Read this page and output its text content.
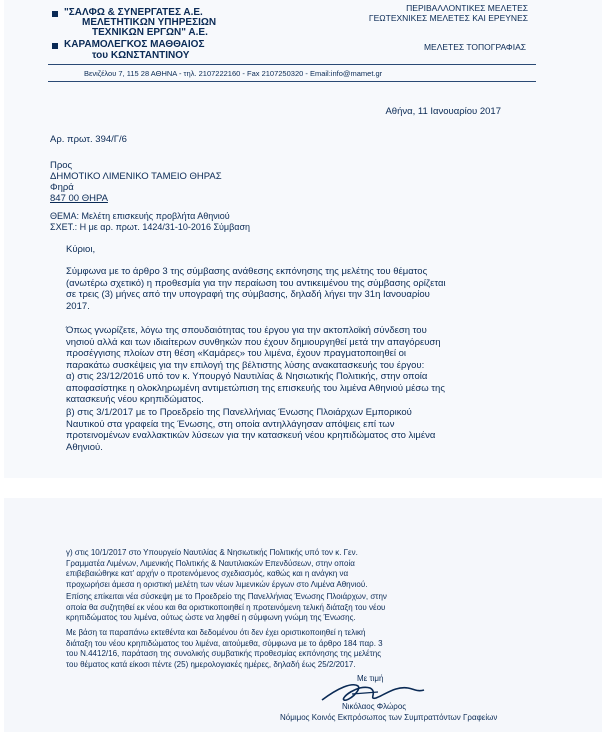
"ΣΑΛΦΩ & ΣΥΝΕΡΓΑΤΕΣ Α.Ε.
ΜΕΛΕΤΗΤΙΚΩΝ ΥΠΗΡΕΣΙΩΝ
ΤΕΧΝΙΚΩΝ ΕΡΓΩΝ" Α.Ε.
ΚΑΡΑΜΟΛΕΓΚΟΣ ΜΑΘΘΑΙΟΣ
του ΚΩΝΣΤΑΝΤΙΝΟΥ
ΠΕΡΙΒΑΛΛΟΝΤΙΚΕΣ ΜΕΛΕΤΕΣ
ΓΕΩΤΕΧΝΙΚΕΣ ΜΕΛΕΤΕΣ ΚΑΙ ΕΡΕΥΝΕΣ
ΜΕΛΕΤΕΣ ΤΟΠΟΓΡΑΦΙΑΣ
Βενιζέλου 7, 115 28 ΑΘΗΝΑ - τηλ. 2107222160 - Fax 2107250320 - Email:info@mamet.gr
Αθήνα, 11 Ιανουαρίου 2017
Αρ. πρωτ. 394/Γ/6
Προς
ΔΗΜΟΤΙΚΟ ΛΙΜΕΝΙΚΟ ΤΑΜΕΙΟ ΘΗΡΑΣ
Φηρά
847 00 ΘΗΡΑ
ΘΕΜΑ: Μελέτη επισκευής προβλήτα Αθηνιού
ΣΧΕΤ.: Η με αρ. πρωτ. 1424/31-10-2016 Σύμβαση
Κύριοι,
Σύμφωνα με το άρθρο 3 της σύμβασης ανάθεσης εκπόνησης της μελέτης του θέματος
(ανωτέρω σχετικό) η προθεσμία για την περαίωση του αντικειμένου της σύμβασης ορίζεται
σε τρεις (3) μήνες από την υπογραφή της σύμβασης, δηλαδή λήγει την 31η Ιανουαρίου
2017.
Όπως γνωρίζετε, λόγω της σπουδαιότητας του έργου για την ακτοπλοϊκή σύνδεση του
νησιού αλλά και των ιδιαίτερων συνθηκών που έχουν δημιουργηθεί μετά την απαγόρευση
προσέγγισης πλοίων στη θέση «Καμάρες» του λιμένα, έχουν πραγματοποιηθεί οι
παρακάτω συσκέψεις για την επιλογή της βέλτιστης λύσης ανακατασκευής του έργου:
α) στις 23/12/2016 υπό τον κ. Υπουργό Ναυτιλίας & Νησιωτικής Πολιτικής, στην οποία
αποφασίστηκε η ολοκληρωμένη αντιμετώπιση της επισκευής του λιμένα Αθηνιού μέσω της
κατασκευής νέου κρηπιδώματος.
β) στις 3/1/2017 με το Προεδρείο της Πανελλήνιας Ένωσης Πλοιάρχων Εμπορικού
Ναυτικού στα γραφεία της Ένωσης, στη οποία αντηλλάγησαν απόψεις επί των
προτεινομένων εναλλακτικών λύσεων για την κατασκευή νέου κρηπιδώματος στο λιμένα
Αθηνιού.
γ) στις 10/1/2017 στο Υπουργείο Ναυτιλίας & Νησιωτικής Πολιτικής υπό τον κ. Γεν.
Γραμματέα Λιμένων, Λιμενικής Πολιτικής & Ναυτιλιακών Επενδύσεων, στην οποία
επιβεβαιώθηκε κατ' αρχήν ο προτεινόμενος σχεδιασμός, καθώς και η ανάγκη να
προχωρήσει άμεσα η οριστική μελέτη των νέων λιμενικών έργων στο Λιμένα Αθηνιού.
Επίσης επίκειται νέα σύσκεψη με το Προεδρείο της Πανελλήνιας Ένωσης Πλοιάρχων, στην
οποία θα συζητηθεί εκ νέου και θα οριστικοποιηθεί η προτεινόμενη τελική διάταξη του νέου
κρηπιδώματος του λιμένα, ούτως ώστε να ληφθεί η σύμφωνη γνώμη της Ένωσης.
Με βάση τα παραπάνω εκτεθέντα και δεδομένου ότι δεν έχει οριστικοποιηθεί η τελική
διάταξη του νέου κρηπιδώματος του λιμένα, αιτούμεθα, σύμφωνα με το άρθρο 184 παρ. 3
του Ν.4412/16, παράταση της συνολικής συμβατικής προθεσμίας εκπόνησης της μελέτης
του θέματος κατά είκοσι πέντε (25) ημερολογιακές ημέρες, δηλαδή έως 25/2/2017.
Με τιμή
Νικόλαος Φλώρος
Νόμιμος Κοινός Εκπρόσωπος των Συμπραττόντων Γραφείων
